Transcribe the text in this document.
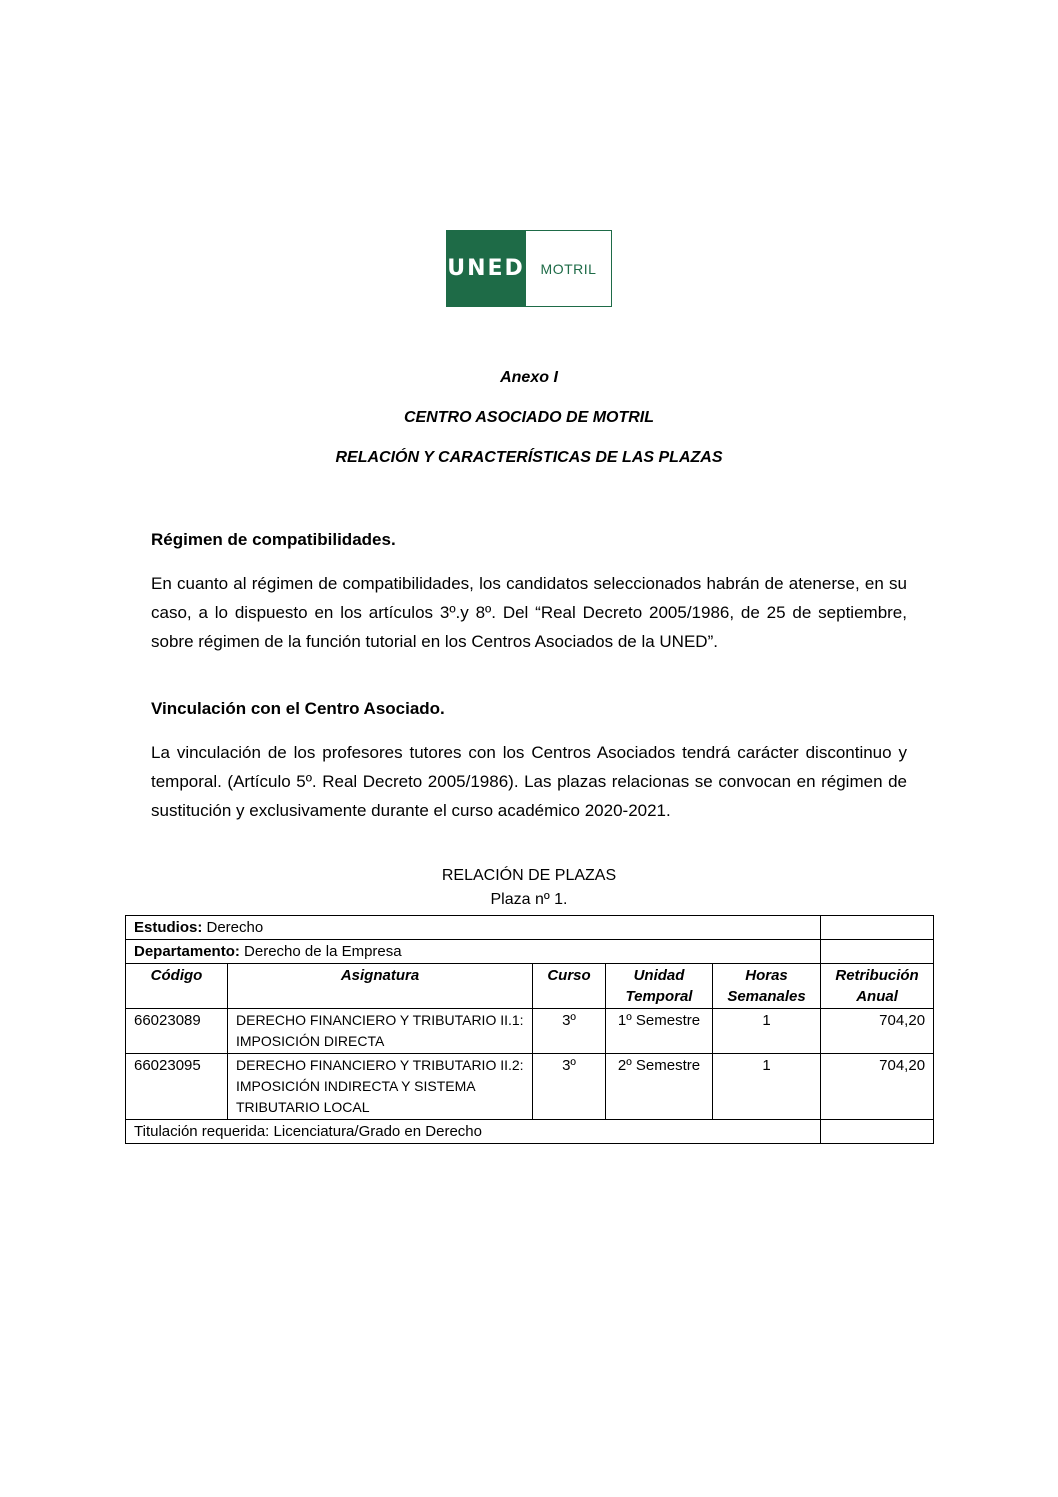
UNED	MOTRIL
Anexo I
CENTRO ASOCIADO DE MOTRIL
RELACIÓN Y CARACTERÍSTICAS DE LAS PLAZAS
Régimen de compatibilidades.
En cuanto al régimen de compatibilidades, los candidatos seleccionados habrán de atenerse, en su caso, a lo dispuesto en los artículos 3º.y 8º. Del “Real Decreto 2005/1986, de 25 de septiembre, sobre régimen de la función tutorial en los Centros Asociados de la UNED”.
Vinculación con el Centro Asociado.
La vinculación de los profesores tutores con los Centros Asociados tendrá carácter discontinuo y temporal. (Artículo 5º. Real Decreto 2005/1986). Las plazas relacionas se convocan en régimen de sustitución y exclusivamente durante el curso académico 2020-2021.
RELACIÓN DE PLAZAS
Plaza nº 1.
Estudios: Derecho					
Departamento: Derecho de la Empresa					
Código	Asignatura	Curso	Unidad Temporal	Horas Semanales	Retribución Anual
66023089	DERECHO FINANCIERO Y TRIBUTARIO II.1: IMPOSICIÓN DIRECTA	3º	1º Semestre	1	704,20
66023095	DERECHO FINANCIERO Y TRIBUTARIO II.2: IMPOSICIÓN INDIRECTA Y SISTEMA TRIBUTARIO LOCAL	3º	2º Semestre	1	704,20
Titulación requerida: Licenciatura/Grado en Derecho					
